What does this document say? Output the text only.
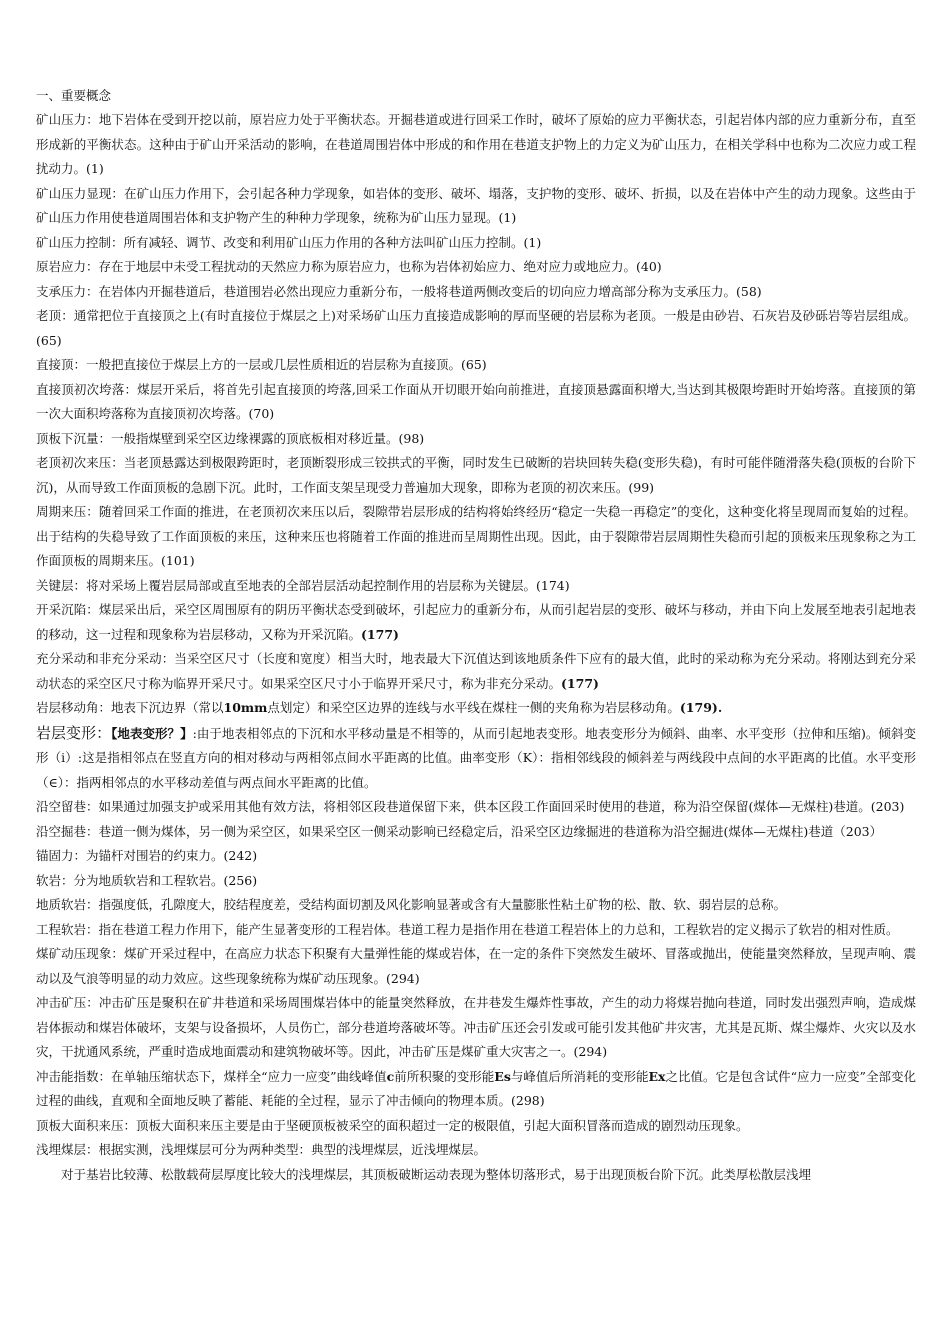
一、重要概念

矿山压力：地下岩体在受到开挖以前，原岩应力处于平衡状态。开掘巷道或进行回采工作时，破坏了原始的应力平衡状态，引起岩体内部的应力重新分布，直至形成新的平衡状态。这种由于矿山开采活动的影响，在巷道周围岩体中形成的和作用在巷道支护物上的力定义为矿山压力，在相关学科中也称为二次应力或工程扰动力。(1)

矿山压力显现：在矿山压力作用下，会引起各种力学现象，如岩体的变形、破坏、塌落，支护物的变形、破坏、折损，以及在岩体中产生的动力现象。这些由于矿山压力作用使巷道周围岩体和支护物产生的种种力学现象，统称为矿山压力显现。(1)

矿山压力控制：所有减轻、调节、改变和利用矿山压力作用的各种方法叫矿山压力控制。(1)

原岩应力：存在于地层中未受工程扰动的天然应力称为原岩应力，也称为岩体初始应力、绝对应力或地应力。(40)

支承压力：在岩体内开掘巷道后，巷道围岩必然出现应力重新分布，一般将巷道两侧改变后的切向应力增高部分称为支承压力。(58)

老顶：通常把位于直接顶之上(有时直接位于煤层之上)对采场矿山压力直接造成影响的厚而坚硬的岩层称为老顶。一般是由砂岩、石灰岩及砂砾岩等岩层组成。(65)

直接顶：一般把直接位于煤层上方的一层或几层性质相近的岩层称为直接顶。(65)

直接顶初次垮落：煤层开采后，将首先引起直接顶的垮落,回采工作面从开切眼开始向前推进，直接顶悬露面积增大,当达到其极限垮距时开始垮落。直接顶的第一次大面积垮落称为直接顶初次垮落。(70)

顶板下沉量：一般指煤壁到采空区边缘裸露的顶底板相对移近量。(98)

老顶初次来压：当老顶悬露达到极限跨距时，老顶断裂形成三铰拱式的平衡，同时发生已破断的岩块回转失稳(变形失稳)，有时可能伴随滑落失稳(顶板的台阶下沉)，从而导致工作面顶板的急剧下沉。此时，工作面支架呈现受力普遍加大现象，即称为老顶的初次来压。(99)

周期来压：随着回采工作面的推进，在老顶初次来压以后，裂隙带岩层形成的结构将始终经历“稳定一失稳一再稳定”的变化，这种变化将呈现周而复始的过程。出于结构的失稳导致了工作面顶板的来压，这种来压也将随着工作面的推进而呈周期性出现。因此，由于裂隙带岩层周期性失稳而引起的顶板来压现象称之为工作面顶板的周期来压。(101)

关键层：将对采场上覆岩层局部或直至地表的全部岩层活动起控制作用的岩层称为关键层。(174)

开采沉陷：煤层采出后，采空区周围原有的阴历平衡状态受到破坏，引起应力的重新分布，从而引起岩层的变形、破坏与移动，并由下向上发展至地表引起地表的移动，这一过程和现象称为岩层移动，又称为开采沉陷。(177)

充分采动和非充分采动：当采空区尺寸（长度和宽度）相当大时，地表最大下沉值达到该地质条件下应有的最大值，此时的采动称为充分采动。将刚达到充分采动状态的采空区尺寸称为临界开采尺寸。如果采空区尺寸小于临界开采尺寸，称为非充分采动。(177)

岩层移动角：地表下沉边界（常以10mm点划定）和采空区边界的连线与水平线在煤柱一侧的夹角称为岩层移动角。(179).

岩层变形：【地表变形？】:由于地表相邻点的下沉和水平移动量是不相等的，从而引起地表变形。地表变形分为倾斜、曲率、水平变形（拉伸和压缩)。倾斜变形（i）:这是指相邻点在竖直方向的相对移动与两相邻点间水平距离的比值。曲率变形（K）：指相邻线段的倾斜差与两线段中点间的水平距离的比值。水平变形（∈）：指两相邻点的水平移动差值与两点间水平距离的比值。

沿空留巷：如果通过加强支护或采用其他有效方法，将相邻区段巷道保留下来，供本区段工作面回采时使用的巷道，称为沿空保留(煤体—无煤柱)巷道。(203)

沿空掘巷：巷道一侧为煤体，另一侧为采空区，如果采空区一侧采动影响已经稳定后，沿采空区边缘掘进的巷道称为沿空掘进(煤体—无煤柱)巷道（203）

锚固力：为锚杆对围岩的约束力。(242)

软岩：分为地质软岩和工程软岩。(256)

地质软岩：指强度低，孔隙度大，胶结程度差，受结构面切割及风化影响显著或含有大量膨胀性粘土矿物的松、散、软、弱岩层的总称。

工程软岩：指在巷道工程力作用下，能产生显著变形的工程岩体。巷道工程力是指作用在巷道工程岩体上的力总和，工程软岩的定义揭示了软岩的相对性质。

煤矿动压现象：煤矿开采过程中，在高应力状态下积聚有大量弹性能的煤或岩体，在一定的条件下突然发生破坏、冒落或抛出，使能量突然释放，呈现声响、震动以及气浪等明显的动力效应。这些现象统称为煤矿动压现象。(294)

冲击矿压：冲击矿压是聚积在矿井巷道和采场周围煤岩体中的能量突然释放，在井巷发生爆炸性事故，产生的动力将煤岩抛向巷道，同时发出强烈声响，造成煤岩体振动和煤岩体破坏，支架与设备损坏，人员伤亡，部分巷道垮落破坏等。冲击矿压还会引发或可能引发其他矿井灾害，尤其是瓦斯、煤尘爆炸、火灾以及水灾，干扰通风系统，严重时造成地面震动和建筑物破坏等。因此，冲击矿压是煤矿重大灾害之一。(294)

冲击能指数：在单轴压缩状态下，煤样全“应力一应变”曲线峰值c前所积聚的变形能Es与峰值后所消耗的变形能Ex之比值。它是包含试件“应力一应变”全部变化过程的曲线，直观和全面地反映了蓄能、耗能的全过程，显示了冲击倾向的物理本质。(298)

顶板大面积来压：顶板大面积来压主要是由于坚硬顶板被采空的面积超过一定的极限值，引起大面积冒落而造成的剧烈动压现象。

浅埋煤层：根据实测，浅埋煤层可分为两种类型：典型的浅埋煤层，近浅埋煤层。

对于基岩比较薄、松散载荷层厚度比较大的浅埋煤层，其顶板破断运动表现为整体切落形式，易于出现顶板台阶下沉。此类厚松散层浅埋
